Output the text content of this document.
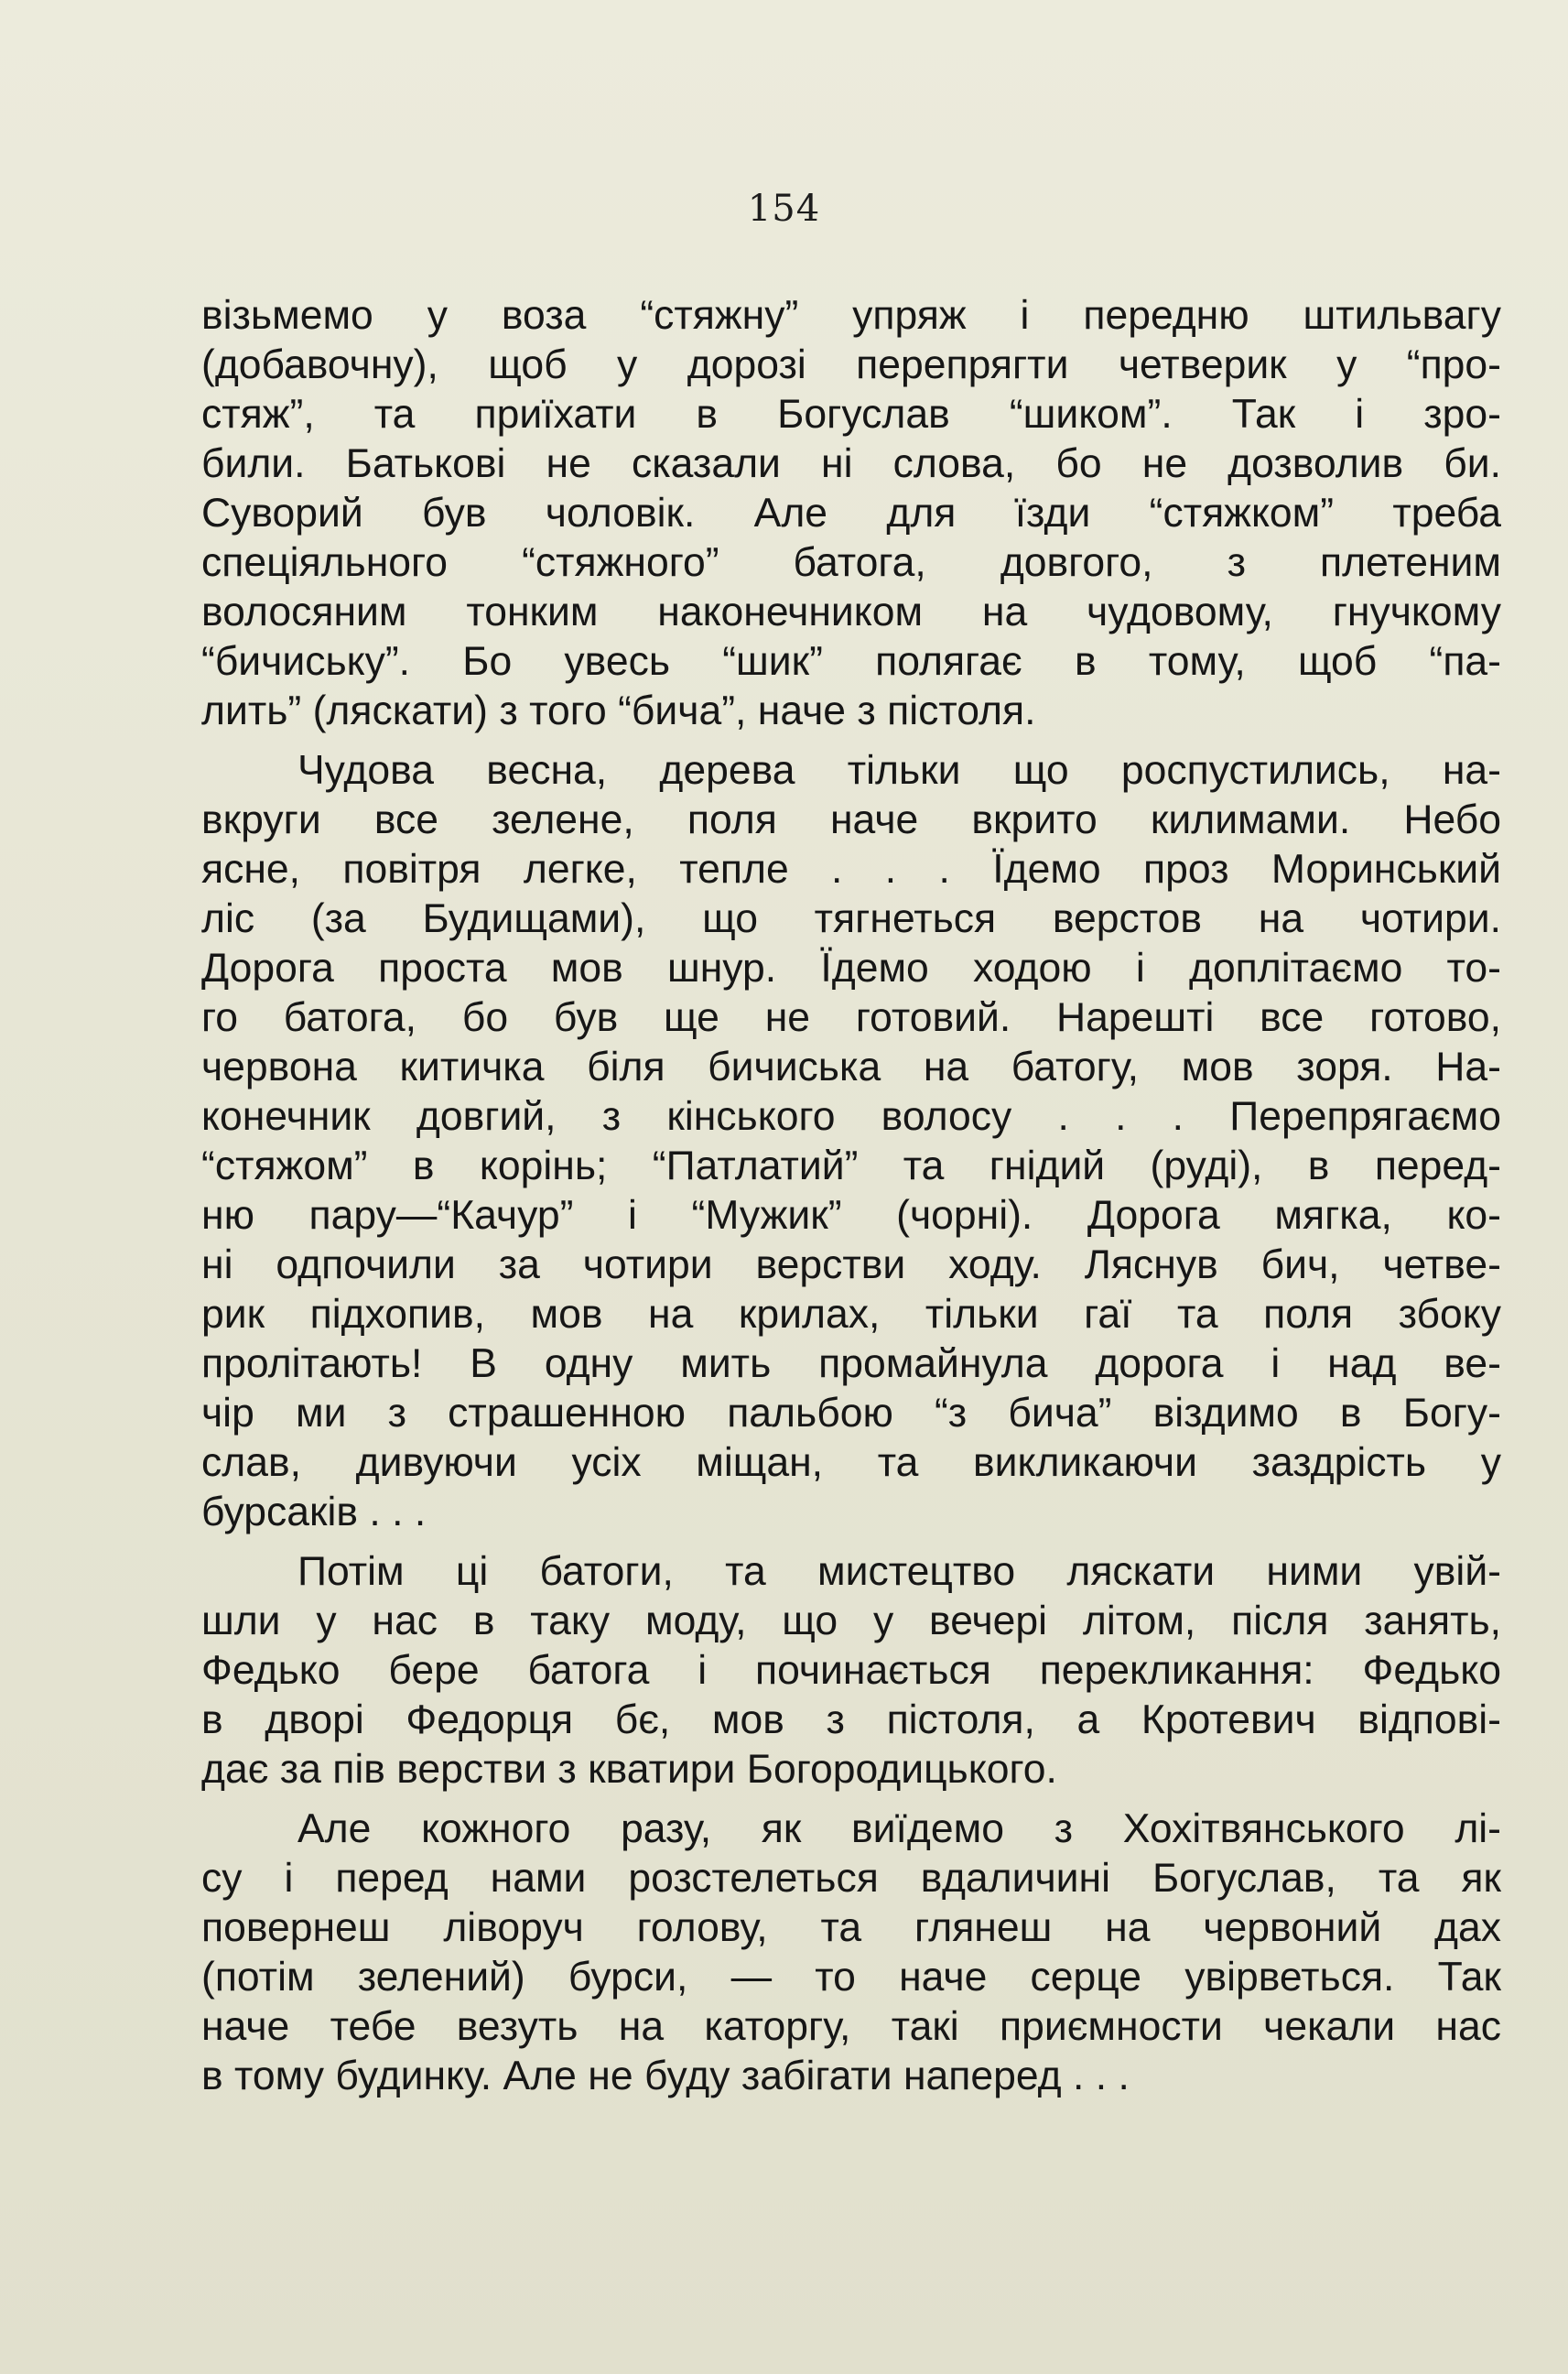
154
візьмемо у воза “стяжну” упряж і передню штильвагу
(добавочну), щоб у дорозі перепрягти четверик у “про-
стяж”, та приїхати в Богуслав “шиком”. Так і зро-
били. Батькові не сказали ні слова, бо не дозволив би.
Суворий був чоловік. Але для їзди “стяжком” треба
спеціяльного “стяжного” батога, довгого, з плетеним
волосяним тонким наконечником на чудовому, гнучкому
“бичиську”. Бо увесь “шик” полягає в тому, щоб “па-
лить” (ляскати) з того “бича”, наче з пістоля.
Чудова весна, дерева тільки що роспустились, на-
вкруги все зелене, поля наче вкрито килимами. Небо
ясне, повітря легке, тепле . . . Їдемо проз Моринський
ліс (за Будищами), що тягнеться верстов на чотири.
Дорога проста мов шнур. Їдемо ходою і доплітаємо то-
го батога, бо був ще не готовий. Нарешті все готово,
червона китичка біля бичиська на батогу, мов зоря. На-
конечник довгий, з кінського волосу . . . Перепрягаємо
“стяжом” в корінь; “Патлатий” та гнідий (руді), в перед-
ню пару—“Качур” і “Мужик” (чорні). Дорога мягка, ко-
ні одпочили за чотири верстви ходу. Ляснув бич, четве-
рик підхопив, мов на крилах, тільки гаї та поля збоку
пролітають! В одну мить промайнула дорога і над ве-
чір ми з страшенною пальбою “з бича” віздимо в Богу-
слав, дивуючи усіх міщан, та викликаючи заздрість у
бурсаків . . .
Потім ці батоги, та мистецтво ляскати ними увій-
шли у нас в таку моду, що у вечері літом, після занять,
Федько бере батога і починається перекликання: Федько
в дворі Федорця бє, мов з пістоля, а Кротевич відпові-
дає за пів верстви з кватири Богородицького.
Але кожного разу, як виїдемо з Хохітвянського лі-
су і перед нами розстелеться вдаличині Богуслав, та як
повернеш ліворуч голову, та глянеш на червоний дах
(потім зелений) бурси, — то наче серце увірветься. Так
наче тебе везуть на каторгу, такі приємности чекали нас
в тому будинку. Але не буду забігати наперед . . .
